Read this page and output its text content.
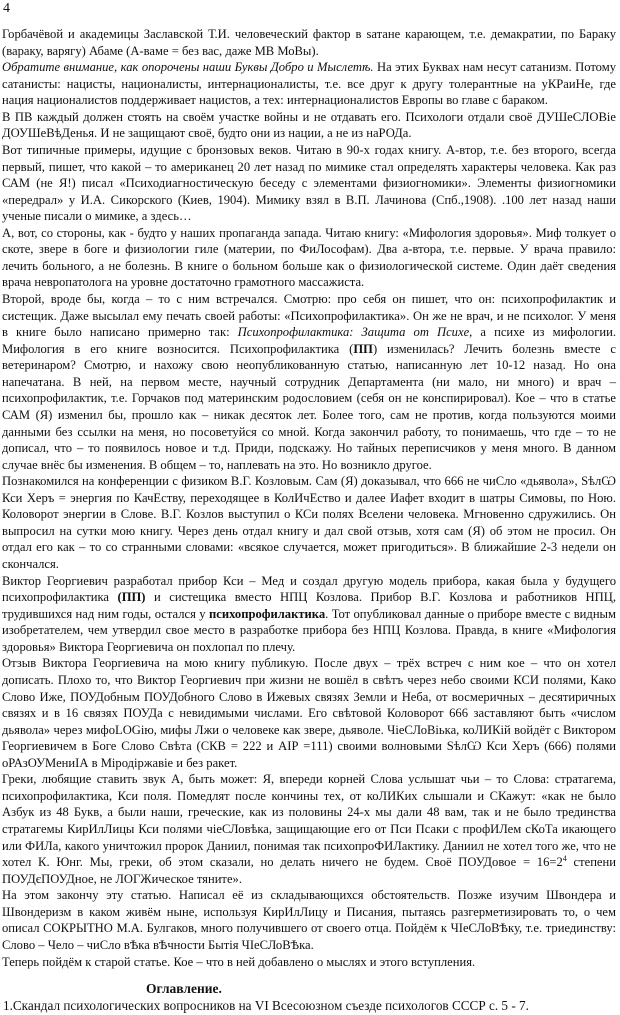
4

Горбачёвой и академицы Заславской Т.И. человеческий фактор в sатане карающем, т.е. демакратии, по Бараку (вараку, варягу) Абаме (А-ваме = без вас, даже МВ МоВы).

Обратите внимание, как опорочены наши Буквы Добро и Мыслетѣ. На этих Буквах нам несут сатанизм. Потому сатанисты: нацисты, националисты, интернационалисты, т.е. все друг к другу толерантные на уКРаиНе, где нация националистов поддерживает нацистов, а тех: интернационалистов Европы во главе с бараком.

В ПВ каждый должен стоять на своём участке войны и не отдавать его. Психологи отдали своё ДУШеСЛОВіе ДОУШеВѣДенья. И не защищают своё, будто они из нации, а не из наРОДа.

Вот типичные примеры, идущие с бронзовых веков. Читаю в 90-х годах книгу. А-втор, т.е. без второго, всегда первый, пишет, что какой – то американец 20 лет назад по мимике стал определять характеры человека. Как раз САМ (не Я!) писал «Психодиагностическую беседу с элементами физиогномики». Элементы физиогномики «передрал» у И.А. Сикорского (Киев, 1904). Мимику взял в В.П. Лачинова (Спб.,1908). .100 лет назад наши ученые писали о мимике, а здесь…

А, вот, со стороны, как - будто у наших пропаганда запада. Читаю книгу: «Мифология здоровья». Миф толкует о скоте, звере в боге и физиологии гиле (материи, по ФиЛософам). Два а-втора, т.е. первые. У врача правило: лечить больного, а не болезнь. В книге о больном больше как о физиологической системе. Один даёт сведения врача невропатолога на уровне достаточно грамотного массажиста.

Второй, вроде бы, когда – то с ним встречался. Смотрю: про себя он пишет, что он: психопрофилактик и систещик. Даже высылал ему печать своей работы: «Психопрофилактика». Он же не врач, и не психолог. У меня в книге было написано примерно так: Психопрофилактика: Защита от Психе, а психе из мифологии. Мифология в его книге возносится. Психопрофилактика (ПП) изменилась? Лечить болезнь вместе с ветеринаром? Смотрю, и нахожу свою неопубликованную статью, написанную лет 10-12 назад. Но она напечатана. В ней, на первом месте, научный сотрудник Департамента (ни мало, ни много) и врач – психопрофилактик, т.е. Горчаков под материнским родословием (себя он не конспирировал). Кое – что в статье САМ (Я) изменил бы, прошло как – никак десяток лет. Более того, сам не против, когда пользуются моими данными без ссылки на меня, но посоветуйся со мной. Когда закончил работу, то понимаешь, что где – то не дописал, что – то появилось новое и т.д. Приди, подскажу. Но тайных переписчиков у меня много. В данном случае внёс бы изменения. В общем – то, наплевать на это. Но возникло другое.

Познакомился на конференции с физиком В.Г. Козловым. Сам (Я) доказывал, что 666 не чиСло «дьявола», SѣлѠ Кси Херъ = энергия по КачЕству, переходящее в КолИчЕство и далее Иафет входит в шатры Симовы, по Ною. Коловорот энергии в Слове. В.Г. Козлов выступил о КСи полях Вселени человека. Мгновенно сдружились. Он выпросил на сутки мою книгу. Через день отдал книгу и дал свой отзыв, хотя сам (Я) об этом не просил. Он отдал его как – то со странными словами: «всякое случается, может пригодиться». В ближайшие 2-3 недели он скончался.

Виктор Георгиевич разработал прибор Кси – Мед и создал другую модель прибора, какая была у будущего психопрофилактика (ПП) и систещика вместо НПЦ Козлова. Прибор В.Г. Козлова и работников НПЦ, трудившихся над ним годы, остался у психопрофилактика. Тот опубликовал данные о приборе вместе с видным изобретателем, чем утвердил свое место в разработке прибора без НПЦ Козлова. Правда, в книге «Мифология здоровья» Виктора Георгиевича он похлопал по плечу.

Отзыв Виктора Георгиевича на мою книгу публикую. После двух – трёх встреч с ним кое – что он хотел дописать. Плохо то, что Виктор Георгиевич при жизни не вошёл в свѣтъ через небо своими КСИ полями, Како Слово Иже, ПОУДобным ПОУДобного Слово в Ижевых связях Земли и Неба, от восмеричных – десятиричных связях и в 16 связях ПОУДа с невидимыми числами. Его свѣтовой Коловорот 666 заставляют быть «числом дьявола» через мифоLOGію, мифы Лжи о человеке как звере, дьяволе. ЧіеСЛоВіька, коЛИКій войдёт с Виктором Георгиевичем в Боге Слово Свѣта (СКВ = 222 и АІР =111) своими волновыми SѣлѠ Кси Херъ (666) полями оРАзОУМениІА в Міродіржавіе и без ракет.

Греки, любящие ставить звук А, быть может: Я, впереди корней Слова услышат чьи – то Слова: стратагема, психопрофилактика, Кси поля. Помедлят после кончины тех, от коЛИКих слышали и СКажут: «как не было Азбук из 48 Букв, а были наши, греческие, как из половины 24-х мы дали 48 вам, так и не было трединства стратагемы КирИлЛицы Кси полями чіеСЛовѣка, защищающие его от Пси Псаки с профИЛем сКоТа икающего или ФИЛа, какого уничтожил пророк Даниил, понимая так психопроФИЛактику. Даниил не хотел того же, что не хотел К. Юнг. Мы, греки, об этом сказали, но делать ничего не будем. Своё ПОУДовое = $16=2^4$ степени ПОУДєПОУДное, не ЛОГЖическое тяните».

На этом закончу эту статью. Написал её из складывающихся обстоятельств. Позже изучим Швондера и Швондеризм в каком живём ныне, используя КирИлЛицу и Писания, пытаясь разгерметизировать то, о чем описал СОКРЫТНО М.А. Булгаков, много получившего от своего отца. Пойдём к ЧІеСЛоВѢку, т.е. триединству: Слово – Чело – чиСло вѢка вѢчности Бытія ЧІеСЛоВѢка.

Теперь пойдём к старой статье. Кое – что в ней добавлено о мыслях и этого вступления.

Оглавление.
1.Скандал психологических вопросников на VI Всесоюзном съезде психологов СССР с. 5 - 7.
